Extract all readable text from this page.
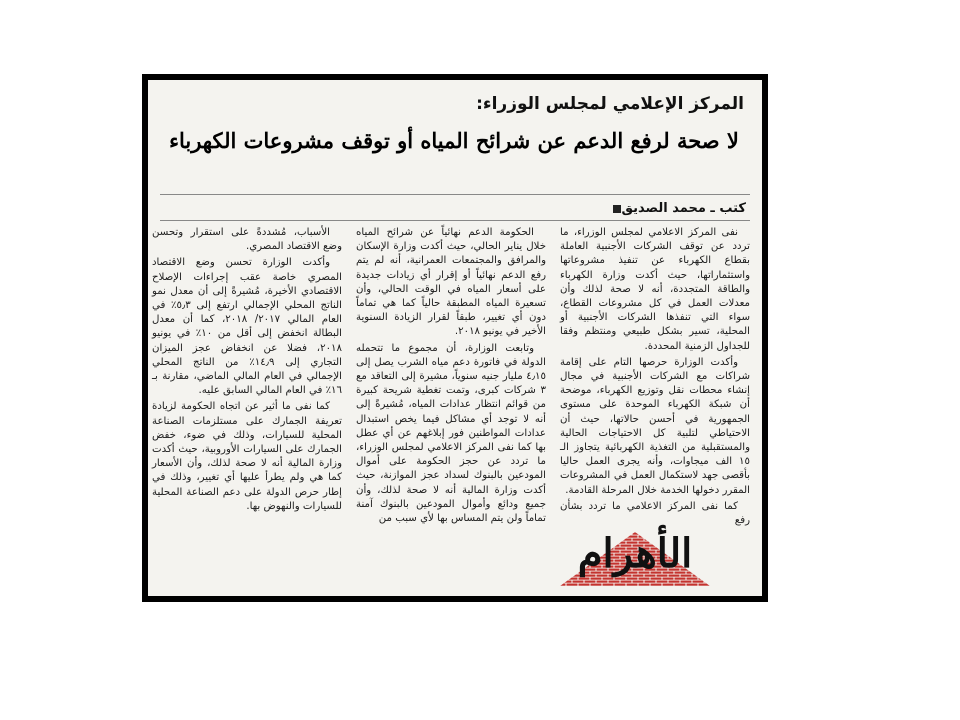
المركز الإعلامي لمجلس الوزراء:
لا صحة لرفع الدعم عن شرائح المياه أو توقف مشروعات الكهرباء
كتب ـ محمد الصديق

نفى المركز الاعلامي لمجلس الوزراء، ما تردد عن توقف الشركات الأجنبية العاملة بقطاع الكهرباء عن تنفيذ مشروعاتها واستثماراتها، حيث أكدت وزارة الكهرباء والطاقة المتجددة، أنه لا صحة لذلك وأن معدلات العمل في كل مشروعات القطاع، سواء التي تنفذها الشركات الأجنبية أو المحلية، تسير بشكل طبيعي ومنتظم وفقا للجداول الزمنية المحددة.

وأكدت الوزارة حرصها التام على إقامة شراكات مع الشركات الأجنبية في مجال إنشاء محطات نقل وتوزيع الكهرباء، موضحة أن شبكة الكهرباء الموحدة على مستوى الجمهورية في أحسن حالاتها، حيث أن الاحتياطي لتلبية كل الاحتياجات الحالية والمستقبلية من التغذية الكهربائية يتجاوز الـ ١٥ الف ميجاوات، وأنه يجرى العمل حاليا بأقصى جهد لاستكمال العمل في المشروعات المقرر دخولها الخدمة خلال المرحلة القادمة.

كما نفى المركز الاعلامي ما تردد بشأن رفع

الحكومة الدعم نهائياً عن شرائح المياه خلال يناير الحالي، حيث أكدت وزارة الإسكان والمرافق والمجتمعات العمرانية، أنه لم يتم رفع الدعم نهائياً أو إقرار أي زيادات جديدة على أسعار المياه في الوقت الحالي، وأن تسعيرة المياه المطبقة حالياً كما هي تماماً دون أي تغيير، طبقاً لقرار الزيادة السنوية الأخير في يونيو ٢٠١٨.

وتابعت الوزارة، أن مجموع ما تتحمله الدولة في فاتورة دعم مياه الشرب يصل إلى ٤٫١٥ مليار جنيه سنوياً، مشيرة إلى التعاقد مع ٣ شركات كبرى، وتمت تغطية شريحة كبيرة من قوائم انتظار عدادات المياه، مُشيرةً إلى أنه لا توجد أي مشاكل فيما يخص استبدال عدادات المواطنين فور إبلاغهم عن أي عطل بها كما نفى المركز الاعلامي لمجلس الوزراء، ما تردد عن حجز الحكومة على أموال المودعين بالبنوك لسداد عجز الموازنة، حيث أكدت وزارة المالية أنه لا صحة لذلك، وأن جميع ودائع وأموال المودعين بالبنوك آمنة تماماً ولن يتم المساس بها لأي سبب من

الأسباب، مُشددةً على استقرار وتحسن وضع الاقتصاد المصري.

وأكدت الوزارة تحسن وضع الاقتصاد المصري خاصة عقب إجراءات الإصلاح الاقتصادي الأخيرة، مُشيرةً إلى أن معدل نمو الناتج المحلي الإجمالي ارتفع إلى ٥٫٣٪ في العام المالي ٢٠١٧/ ٢٠١٨، كما أن معدل البطالة انخفض إلى أقل من ١٠٪ في يونيو ٢٠١٨، فضلا عن انخفاض عجز الميزان التجاري إلى ١٤٫٩٪ من الناتج المحلي الإجمالي في العام المالي الماضي، مقارنة بـ ١٦٪ في العام المالي السابق عليه.

كما نفى ما أثير عن اتجاه الحكومة لزيادة تعريفة الجمارك على مستلزمات الصناعة المحلية للسيارات، وذلك في ضوء، خفض الجمارك على السيارات الأوروبية، حيث أكدت وزارة المالية أنه لا صحة لذلك، وأن الأسعار كما هي ولم يطرأ عليها أي تغيير، وذلك في إطار حرص الدولة على دعم الصناعة المحلية للسيارات والنهوض بها.

الأهرام
